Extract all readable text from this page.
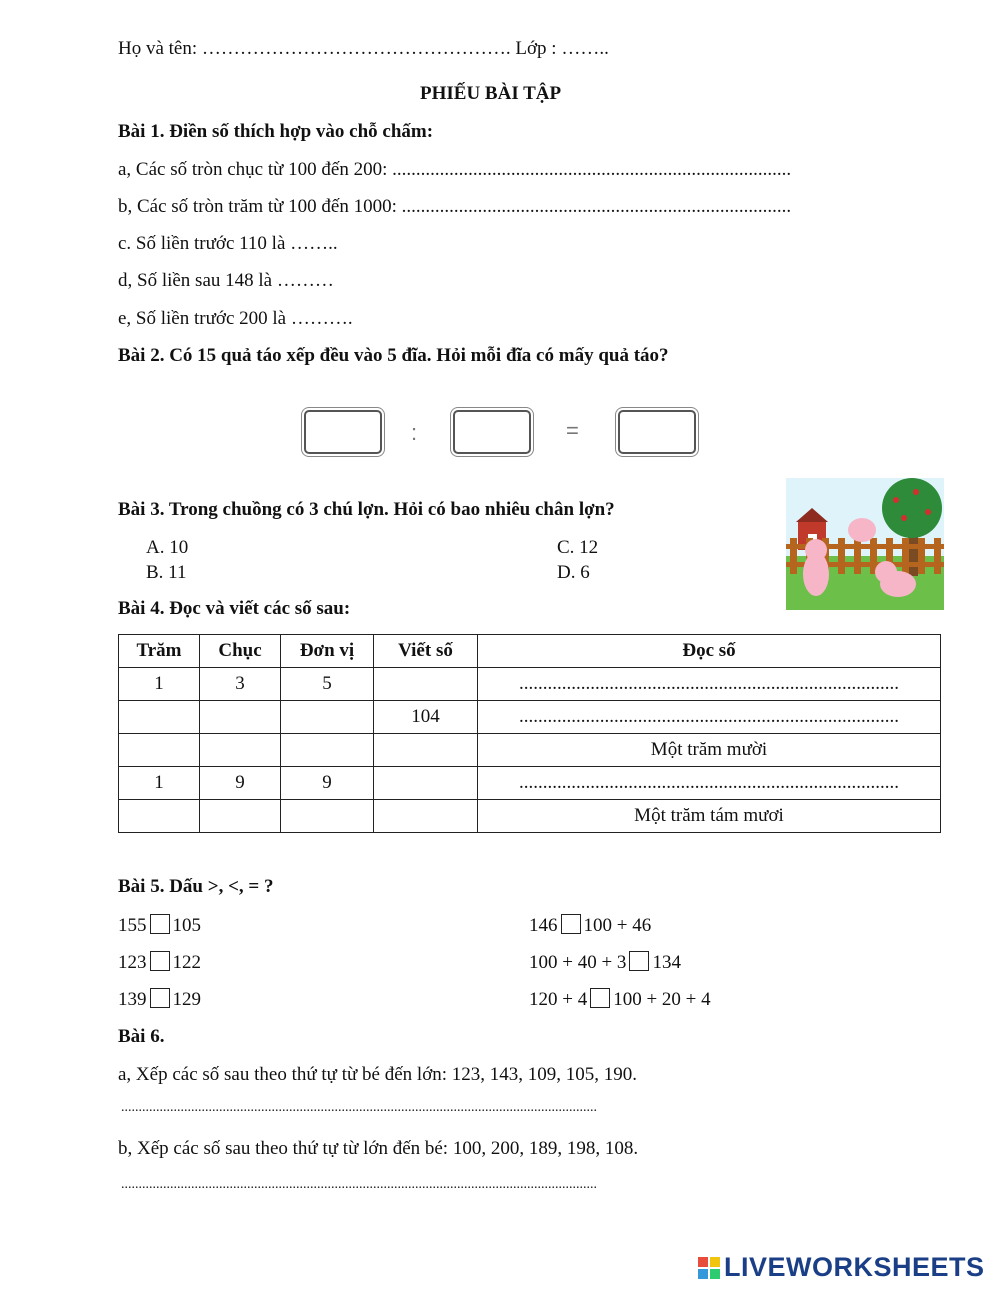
Họ và tên: …………………………………………. Lớp : ……..
PHIẾU BÀI TẬP
Bài 1. Điền số thích hợp vào chỗ chấm:
a, Các số tròn chục từ 100 đến 200: ....................................................................................
b, Các số tròn trăm từ 100 đến 1000: ..................................................................................
c. Số liền trước 110 là ……..
d, Số liền sau 148 là ………
e, Số liền trước 200 là ……….
Bài 2. Có 15 quả táo xếp đều vào 5 đĩa. Hỏi mỗi đĩa có mấy quả táo?
:	=
Bài 3. Trong chuồng có 3 chú lợn. Hỏi có bao nhiêu chân lợn?
A. 10
B. 11
C. 12
D. 6
Bài 4. Đọc và viết các số sau:
Trăm	Chục	Đơn vị	Viết số	Đọc số
1	3	5		................................................................................
			104	................................................................................
				Một trăm mười
1	9	9		................................................................................
				Một trăm tám mươi
Bài 5. Dấu >, <, = ?
155 105	146 100 + 46
123 122	100 + 40 + 3 134
139 129	120 + 4 100 + 20 + 4
Bài 6.
a, Xếp các số sau theo thứ tự từ bé đến lớn: 123, 143, 109, 105, 190.
........................................................................................................................................
b, Xếp các số sau theo thứ tự từ lớn đến bé: 100, 200, 189, 198, 108.
........................................................................................................................................
LIVEWORKSHEETS
